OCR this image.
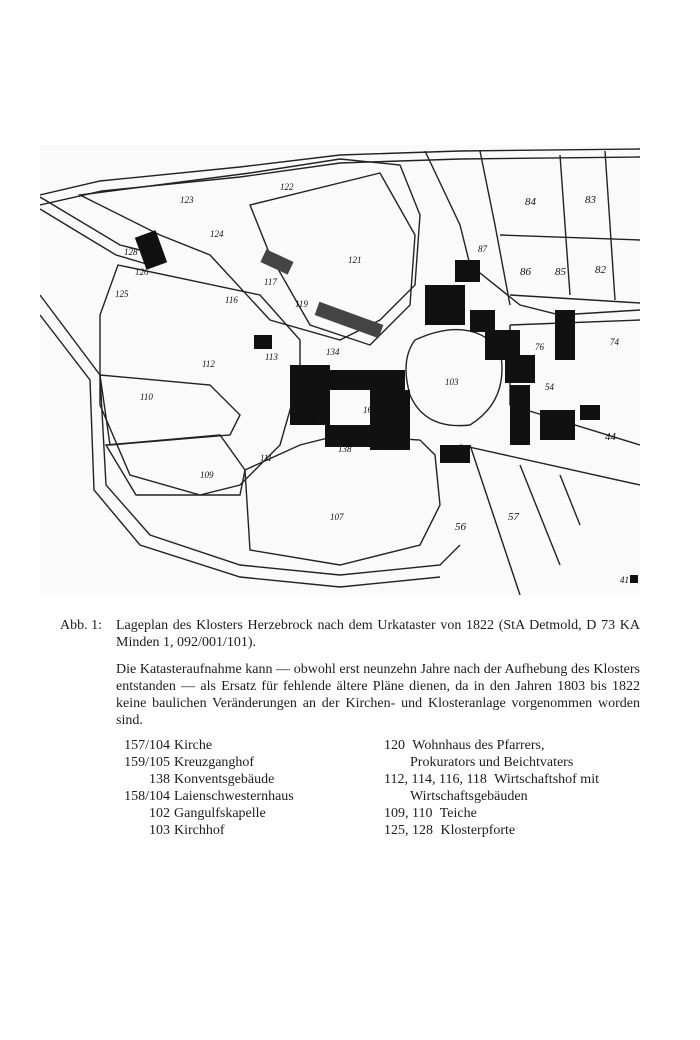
123
122
124
121
126
128
125
117
119
116
112
113	134
110
166
165
103
102
138
109
111
107
104
83
84
87
86 85	82
76	74
44
56
57
54
41
Abb. 1:	Lageplan des Klosters Herzebrock nach dem Urkataster von 1822 (StA Detmold, D 73 KA Minden 1, 092/001/101).
Die Katasteraufnahme kann — obwohl erst neunzehn Jahre nach der Aufhebung des Klosters entstanden — als Ersatz für fehlende ältere Pläne dienen, da in den Jahren 1803 bis 1822 keine baulichen Veränderungen an der Kirchen- und Klosteranlage vorgenommen worden sind.
157/104 Kirche
159/105 Kreuzganghof
138 Konventsgebäude
158/104 Laienschwesternhaus
102 Gangulfskapelle
103 Kirchhof
120 Wohnhaus des Pfarrers,
Prokurators und Beichtvaters
112, 114, 116, 118 Wirtschaftshof mit
Wirtschaftsgebäuden
109, 110 Teiche
125, 128 Klosterpforte
